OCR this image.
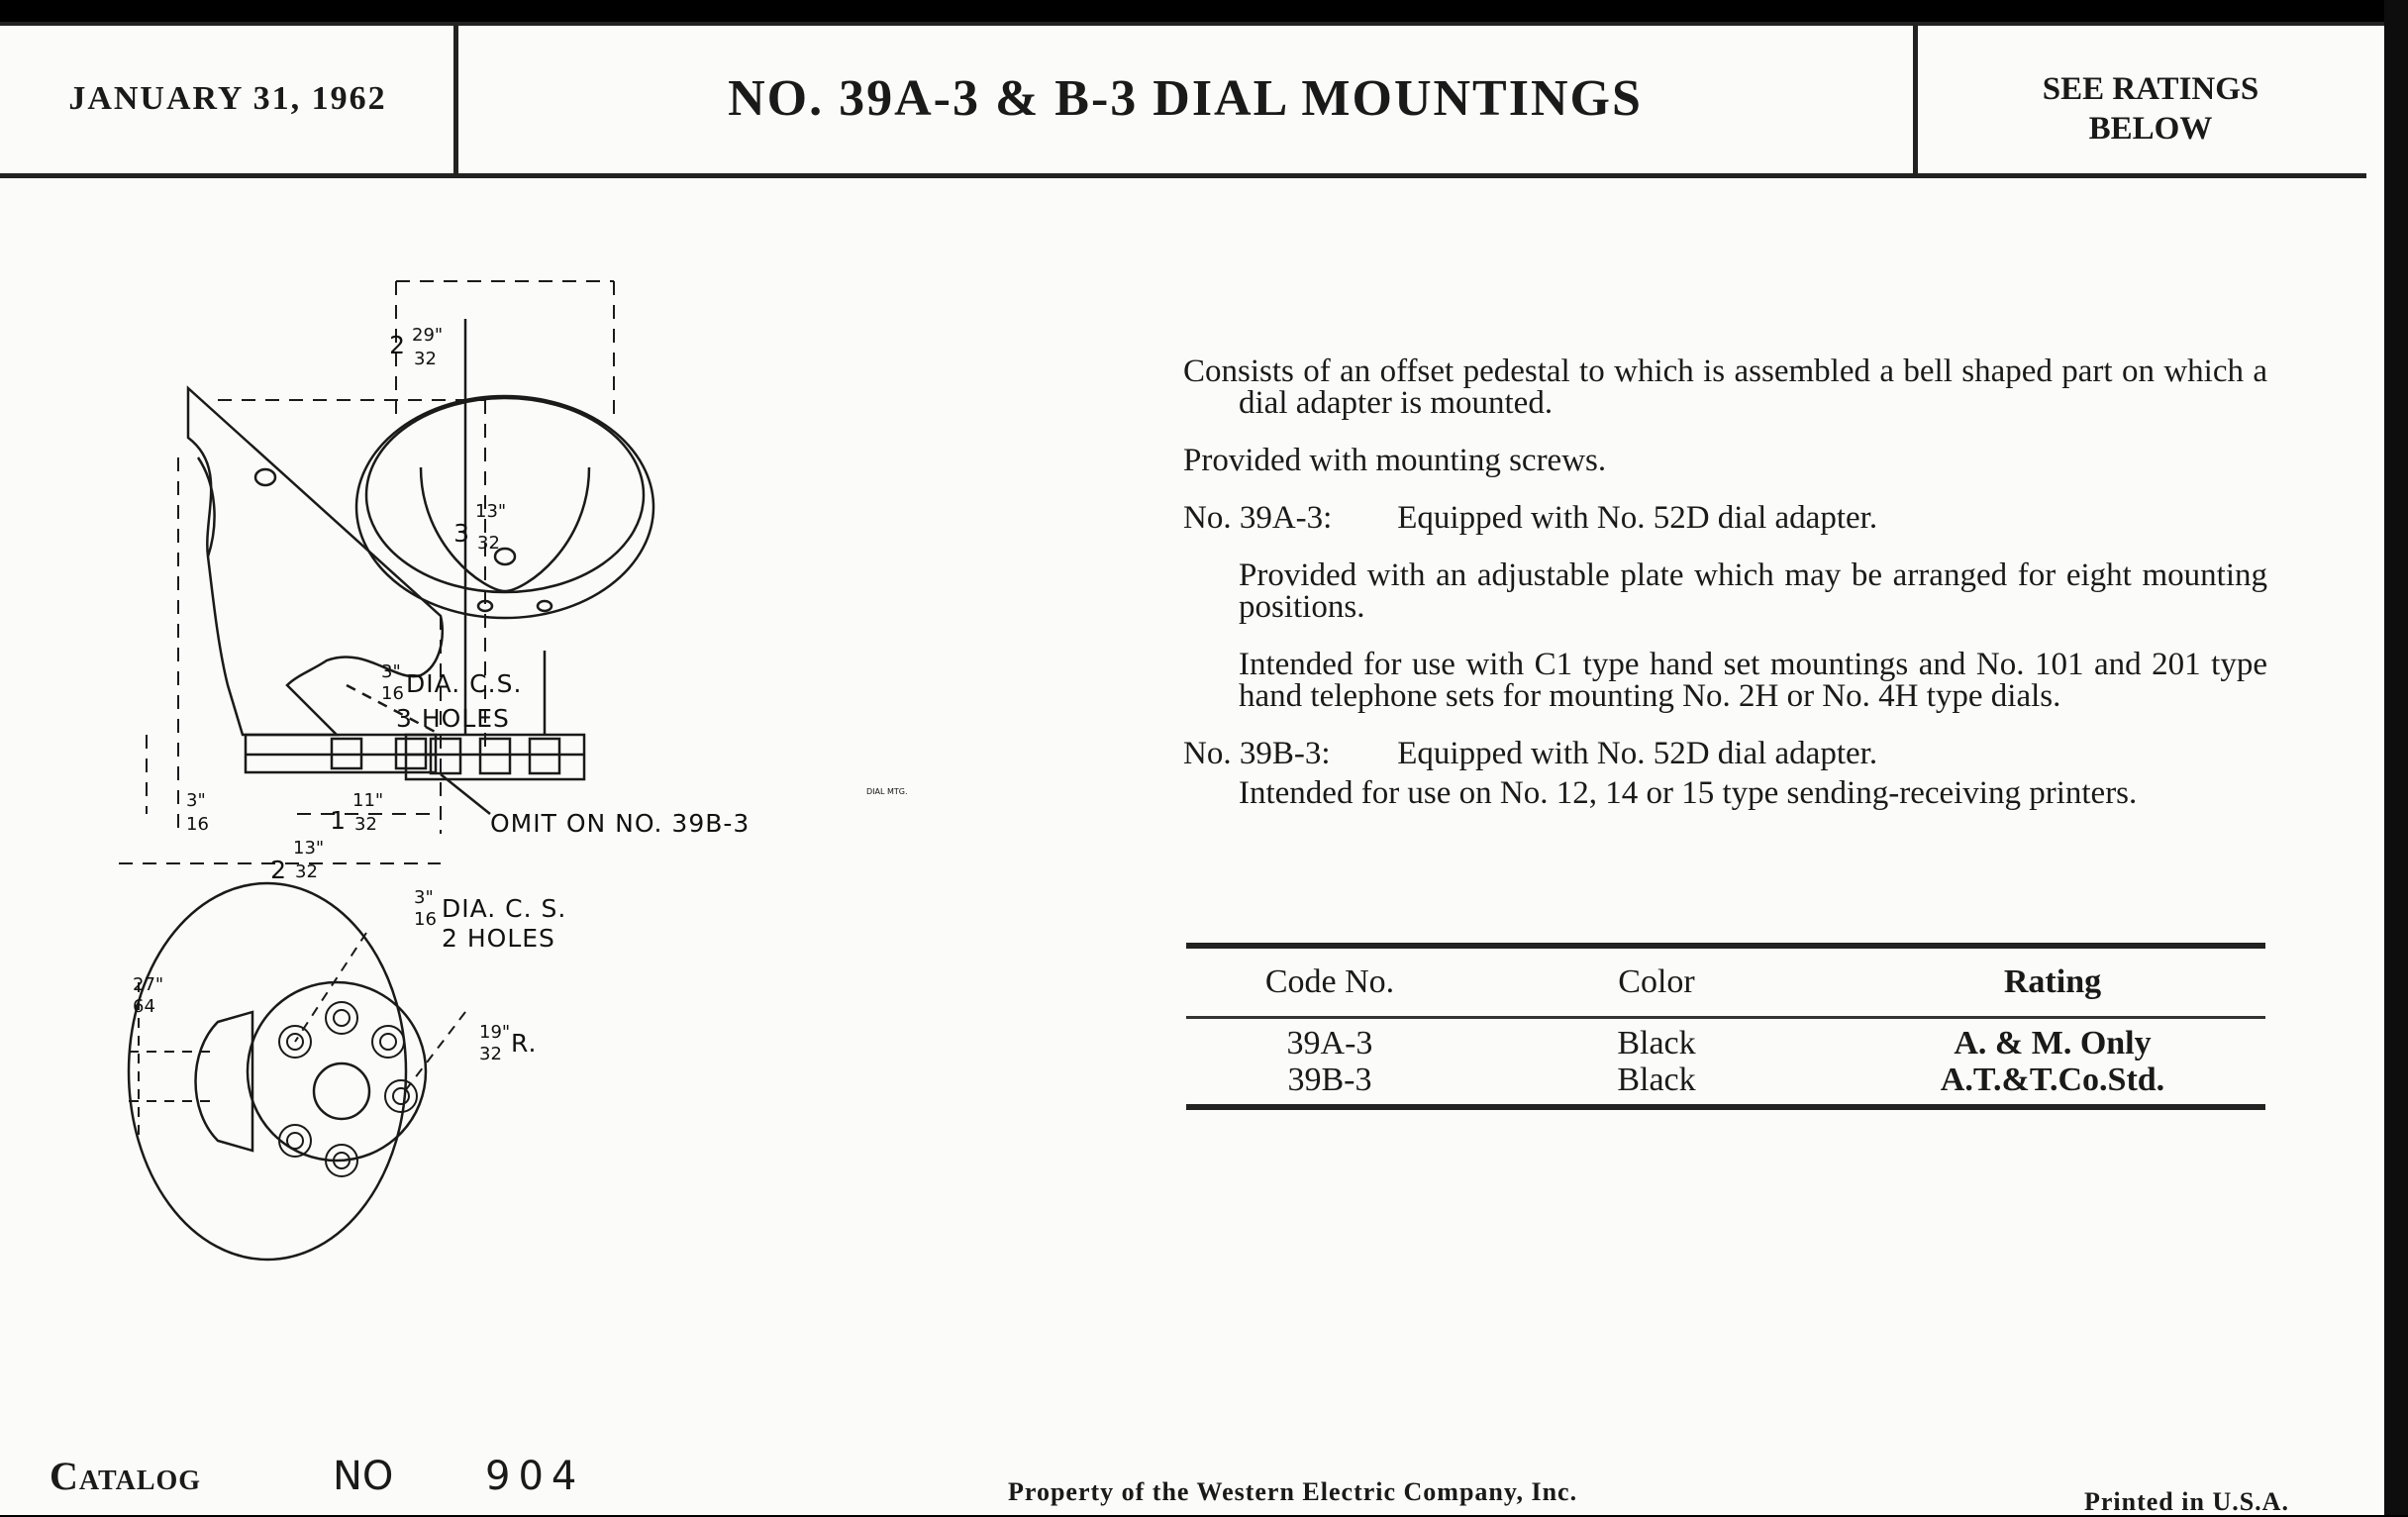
JANUARY 31, 1962	NO. 39A-3 & B-3 DIAL MOUNTINGS	SEE RATINGS
BELOW
2 29"
32
3
13"
32
2
13"
32
1
11"
32
3"
16
3"
16 DIA. C.S.
3 HOLES
OMIT ON NO. 39B-3
DIAL MTG.
3"
16 DIA. C. S.
2 HOLES
27"
64
19"
32 R.

Consists of an offset pedestal to which is assembled a bell shaped part on which a dial adapter is mounted.

Provided with mounting screws.

No. 39A-3: Equipped with No. 52D dial adapter.

Provided with an adjustable plate which may be arranged for eight mounting positions.

Intended for use with C1 type hand set mountings and No. 101 and 201 type hand telephone sets for mounting No. 2H or No. 4H type dials.

No. 39B-3: Equipped with No. 52D dial adapter.

Intended for use on No. 12, 14 or 15 type sending-receiving printers.

Code No.	Color	Rating
39A-3	Black	A. & M. Only
39B-3	Black	A.T.&T.Co.Std.
Catalog	NO 904	Property of the Western Electric Company, Inc.	Printed in U.S.A.
